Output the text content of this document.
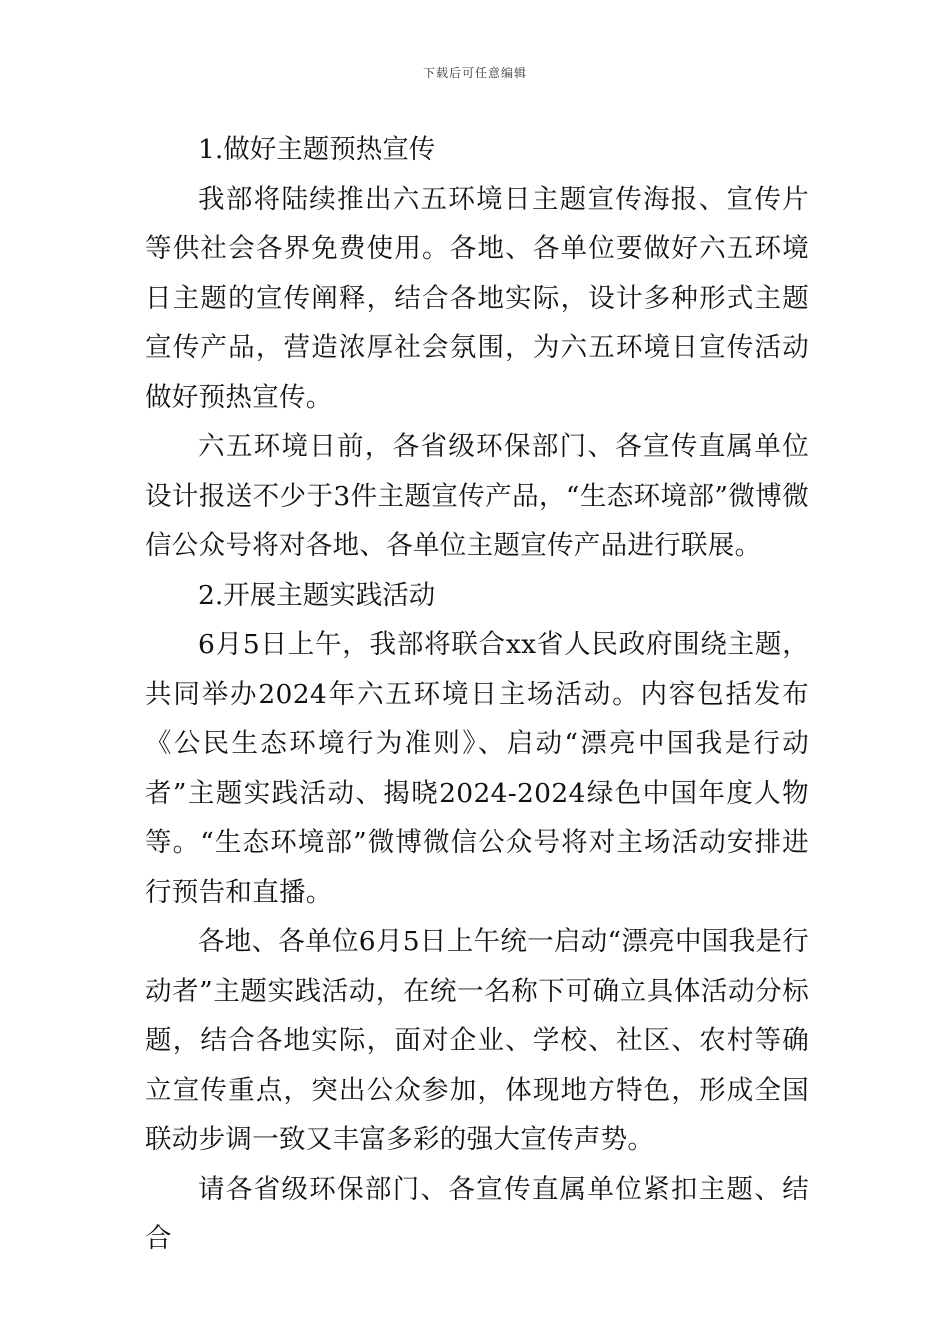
下载后可任意编辑

1.做好主题预热宣传

我部将陆续推出六五环境日主题宣传海报、宣传片等供社会各界免费使用。各地、各单位要做好六五环境日主题的宣传阐释，结合各地实际，设计多种形式主题宣传产品，营造浓厚社会氛围，为六五环境日宣传活动做好预热宣传。

六五环境日前，各省级环保部门、各宣传直属单位设计报送不少于3件主题宣传产品，“生态环境部”微博微信公众号将对各地、各单位主题宣传产品进行联展。

2.开展主题实践活动

6月5日上午，我部将联合xx省人民政府围绕主题，共同举办2024年六五环境日主场活动。内容包括发布《公民生态环境行为准则》、启动“漂亮中国我是行动者”主题实践活动、揭晓2024-2024绿色中国年度人物等。“生态环境部”微博微信公众号将对主场活动安排进行预告和直播。

各地、各单位6月5日上午统一启动“漂亮中国我是行动者”主题实践活动，在统一名称下可确立具体活动分标题，结合各地实际，面对企业、学校、社区、农村等确立宣传重点，突出公众参加，体现地方特色，形成全国联动步调一致又丰富多彩的强大宣传声势。

请各省级环保部门、各宣传直属单位紧扣主题、结合
